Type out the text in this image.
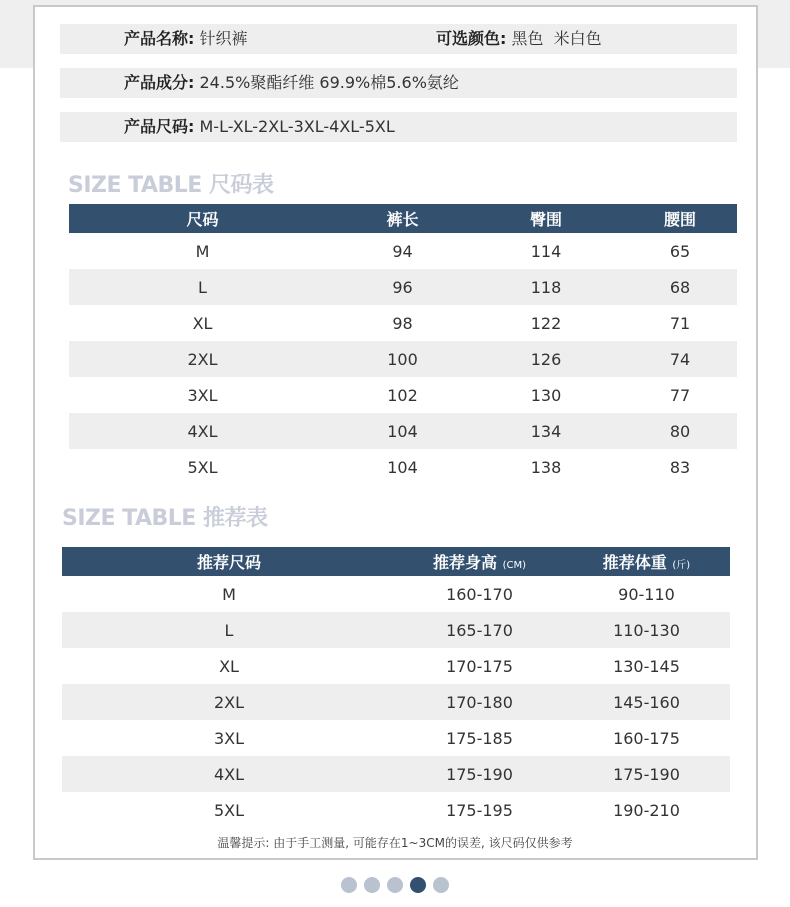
产品名称: 针织裤	可选颜色: 黑色  米白色
产品成分: 24.5%聚酯纤维 69.9%棉5.6%氨纶
产品尺码: M-L-XL-2XL-3XL-4XL-5XL
SIZE TABLE 尺码表
尺码	裤长	臀围	腰围
M	94	114	65
L	96	118	68
XL	98	122	71
2XL	100	126	74
3XL	102	130	77
4XL	104	134	80
5XL	104	138	83
SIZE TABLE 推荐表
推荐尺码	推荐身高 (CM)	推荐体重 (斤)
M	160-170	90-110
L	165-170	110-130
XL	170-175	130-145
2XL	170-180	145-160
3XL	175-185	160-175
4XL	175-190	175-190
5XL	175-195	190-210
温馨提示: 由于手工测量, 可能存在1~3CM的误差, 该尺码仅供参考
